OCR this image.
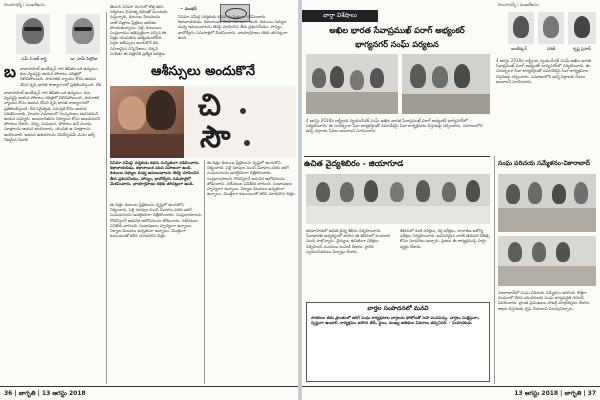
హిందూధర్మ్ / ముఖలేఖనం
ఎమ్.వి.ఆర్.శాస్త్రి	డా. సామ్ పిట్రోడా
బ బాబాసాహెబ్ అంబేడ్కర్ గారి జీవితం ఒక ఉద్యమం. కుల వ్యవస్థపై ఆయన పోరాటం చరిత్రలో నిలిచిపోయింది. సామాజిక న్యాయం కోసం ఆయన చేసిన కృషి భారత రాజ్యాంగంలో ప్రతిబింబిస్తుంది. దేశ
బాబాసాహెబ్ అంబేడ్కర్ గారి జీవితం ఒక ఉద్యమం. కుల వ్యవస్థపై ఆయన పోరాటం చరిత్రలో నిలిచిపోయింది. సామాజిక న్యాయం కోసం ఆయన చేసిన కృషి భారత రాజ్యాంగంలో ప్రతిబింబిస్తుంది. దేశ సమైక్యత, సమగ్రత కోసం ఆయన పరితపించారు. హిందూ సమాజంలో సంస్కరణలు అవసరమని ఆయన నమ్మారు. అంటరానితనం నిర్మూలన కోసం అలుపెరుగని పోరాటం చేశారు. విద్య, సంఘటన, పోరాటం అనే మూడు సూత్రాలను ఆయన అందించారు. యువత ఆ సూత్రాలను ఆచరించాలి. ఆయన ఆశయాలను నెరవేర్చడమే మనం ఇచ్చే నిజమైన నివాళి.
తెలుగు సినిమా రంగంలో కొత్త తరం దర్శకులు వినూత్న కథలతో ముందుకు వస్తున్నారు. కుటుంబ విలువలను చాటే చిత్రాలు ప్రేక్షకుల ఆదరణ పొందుతున్నాయి. పెళ్లి, కుటుంబం, సంప్రదాయం ఇతివృత్తంగా వచ్చిన ఈ చిత్రం యువతను ఆకట్టుకుంటోంది. పెద్దల ఆశీస్సులు అందుకొనే కథ, సహజమైన సన్నివేశాలు, చక్కని సంగీతం ఈ చిత్రానికి ప్రత్యేక ఆకర్షణ.
~ మంథన్
సినిమా సమీక్ష: దర్శకుడు కథను సున్నితంగా నడిపించారు. కథానాయకుడు, కథానాయిక నటన సహజంగా ఉంది. కుటుంబ సభ్యుల మధ్య అనుబంధాలను తెరపై చూపించిన తీరు ప్రశంసనీయం. హాస్యం, భావోద్వేగం సమపాళ్లలో మేళవించారు. ఛాయాగ్రహణం కథకు తగినట్లుగా ఉంది.
ఆశీస్సులు అందుకొనే
చి
సౌ
సినిమా సమీక్ష: దర్శకుడు కథను సున్నితంగా నడిపించారు. కథానాయకుడు, కథానాయిక నటన సహజంగా ఉంది. కుటుంబ సభ్యుల మధ్య అనుబంధాలను తెరపై చూపించిన తీరు ప్రశంసనీయం. హాస్యం, భావోద్వేగం సమపాళ్లలో మేళవించారు. ఛాయాగ్రహణం కథకు తగినట్లుగా ఉంది.
ఈ చిత్రం కుటుంబ ప్రేక్షకులను దృష్టిలో ఉంచుకొని నిర్మించారు. పెళ్లి చూపుల నుంచి వివాహం వరకు జరిగే సంఘటనలను ఆసక్తికరంగా చిత్రీకరించారు. సంప్రదాయాలను గౌరవిస్తూనే ఆధునిక ఆలోచనలను జోడించారు. నటీనటుల పనితీరు బాగుంది. సంభాషణలు హృద్యంగా ఉన్నాయి. నిర్మాణ విలువలు ఉన్నతంగా ఉన్నాయి. మొత్తంగా కుటుంబంతో కలిసి చూడదగిన చిత్రం.
ఈ చిత్రం కుటుంబ ప్రేక్షకులను దృష్టిలో ఉంచుకొని నిర్మించారు. పెళ్లి చూపుల నుంచి వివాహం వరకు జరిగే సంఘటనలను ఆసక్తికరంగా చిత్రీకరించారు. సంప్రదాయాలను గౌరవిస్తూనే ఆధునిక ఆలోచనలను జోడించారు. నటీనటుల పనితీరు బాగుంది. సంభాషణలు హృద్యంగా ఉన్నాయి. నిర్మాణ విలువలు ఉన్నతంగా ఉన్నాయి. మొత్తంగా కుటుంబంతో కలిసి చూడదగిన చిత్రం.
36 | జాగృతి | 13 ఆగస్టు 2018
హిందూధర్మ్ / ముఖలేఖనం
వార్తా విశేషాలు
అఖిల భారత సేవాప్రముఖ్ పరాగ్ అభ్యంకర్
భాగ్యనగర్ సంఘ్ పర్యటన	అంబేడ్కర్	పరిత్	కృష్ణ ప్రసాద్
4 ఆగస్టు 2018న రాష్ట్రీయ స్వయంసేవక్ సంఘ్ అఖిల భారత సేవాప్రముఖ్ పరాగ్ అభ్యంకర్ భాగ్యనగర్‌లో పర్యటించారు. ఈ సందర్భంగా సేవా కార్యకర్తలతో సమావేశమై సేవా కార్యక్రమాల విస్తరణపై చర్చించారు. సమాజంలోని అన్ని వర్గాలకు సేవలు అందాలని సూచించారు.
4 ఆగస్టు 2018న రాష్ట్రీయ స్వయంసేవక్ సంఘ్ అఖిల భారత సేవాప్రముఖ్ పరాగ్ అభ్యంకర్ భాగ్యనగర్‌లో పర్యటించారు. ఈ సందర్భంగా సేవా కార్యకర్తలతో సమావేశమై సేవా కార్యక్రమాల విస్తరణపై చర్చించారు. సమాజంలోని అన్ని వర్గాలకు సేవలు అందాలని సూచించారు.
ఉచిత వైద్యశిబిరం - జియాగూడ
జియాగూడలో ఉచిత వైద్య శిబిరం నిర్వహించారు. సేవాభారతి ఆధ్వర్యంలో జరిగిన ఈ శిబిరంలో వందలాది మంది పాల్గొన్నారు. వైద్యులు ఉచితంగా పరీక్షలు నిర్వహించి మందులు పంపిణీ చేశారు. స్థానిక స్వయంసేవకులు ఏర్పాట్లు చేశారు.
శిబిరంలో కంటి పరీక్షలు, రక్త పరీక్షలు, సాధారణ ఆరోగ్య పరీక్షలు నిర్వహించారు. అవసరమైన వారికి తదుపరి చికిత్స కోసం సూచనలు ఇచ్చారు. ప్రజలు ఈ కార్యక్రమంపై హర్షం వ్యక్తం చేశారు.
వార్తల సంపాదనలో మనవి
పాఠకులు తమ ప్రాంతంలో జరిగే సంఘ కార్యక్రమాల వార్తలను ఫోటోలతో సహా పంపవచ్చు. వార్తలు సంక్షిప్తంగా, స్పష్టంగా ఉండాలి. కార్యక్రమం జరిగిన తేదీ, స్థలం, ముఖ్య అతిథుల వివరాలు తప్పనిసరి. - సంపాదకుడు
సంఘ పరిచయ సమ్మేళనం-వికారాబాద్
వికారాబాద్‌లో సంఘ పరిచయ సమ్మేళనం జరిగింది. కొత్తగా సంఘంలో చేరిన యువకులకు సంఘ కార్యపద్ధతి గురించి వివరించారు. ప్రాంత ప్రముఖులు హాజరై మార్గదర్శనం చేశారు. శాఖల విస్తరణకు కృషి చేయాలని పిలుపునిచ్చారు.
13 ఆగస్టు 2018 | జాగృతి | 37
